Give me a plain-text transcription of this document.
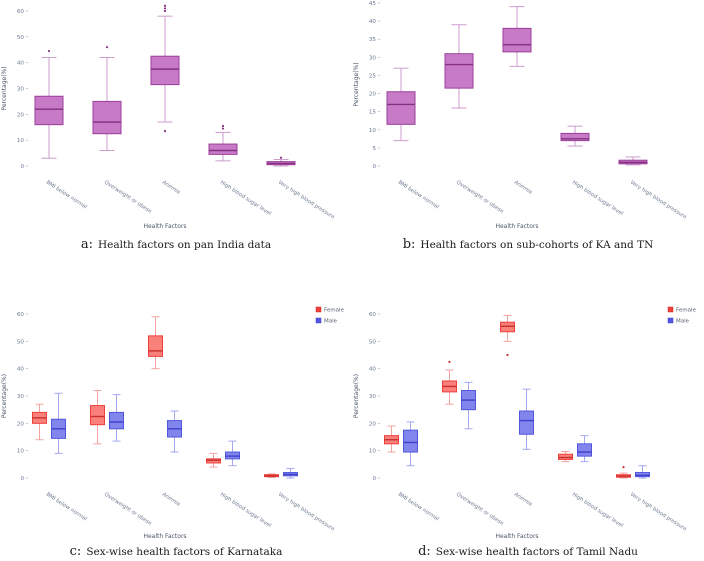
0
10
20
30
40
50
60
Percentage(%)
BMI below normal	Overweight or obese Anemia	High blood sugar level Very high blood pressure
Health Factors
a: Health factors on pan India data
0
5
10
15
20
25
30
35
40
45
Percentage(%)
BMI below normal	Overweight or obese Anemia	High blood sugar level Very high blood pressure
Health Factors
b: Health factors on sub-cohorts of KA and TN
0
10
20
30
40
50
60
Percentage(%)
BMI below normal	Overweight or obese Anemia	High blood sugar level Very high blood pressure
Health Factors
Female
Male
c: Sex-wise health factors of Karnataka
0
10
20
30
40
50
60
Percentage(%)
BMI below normal	Overweight or obese Anemia	High blood sugar level Very high blood pressure
Health Factors
Female
Male
d: Sex-wise health factors of Tamil Nadu
